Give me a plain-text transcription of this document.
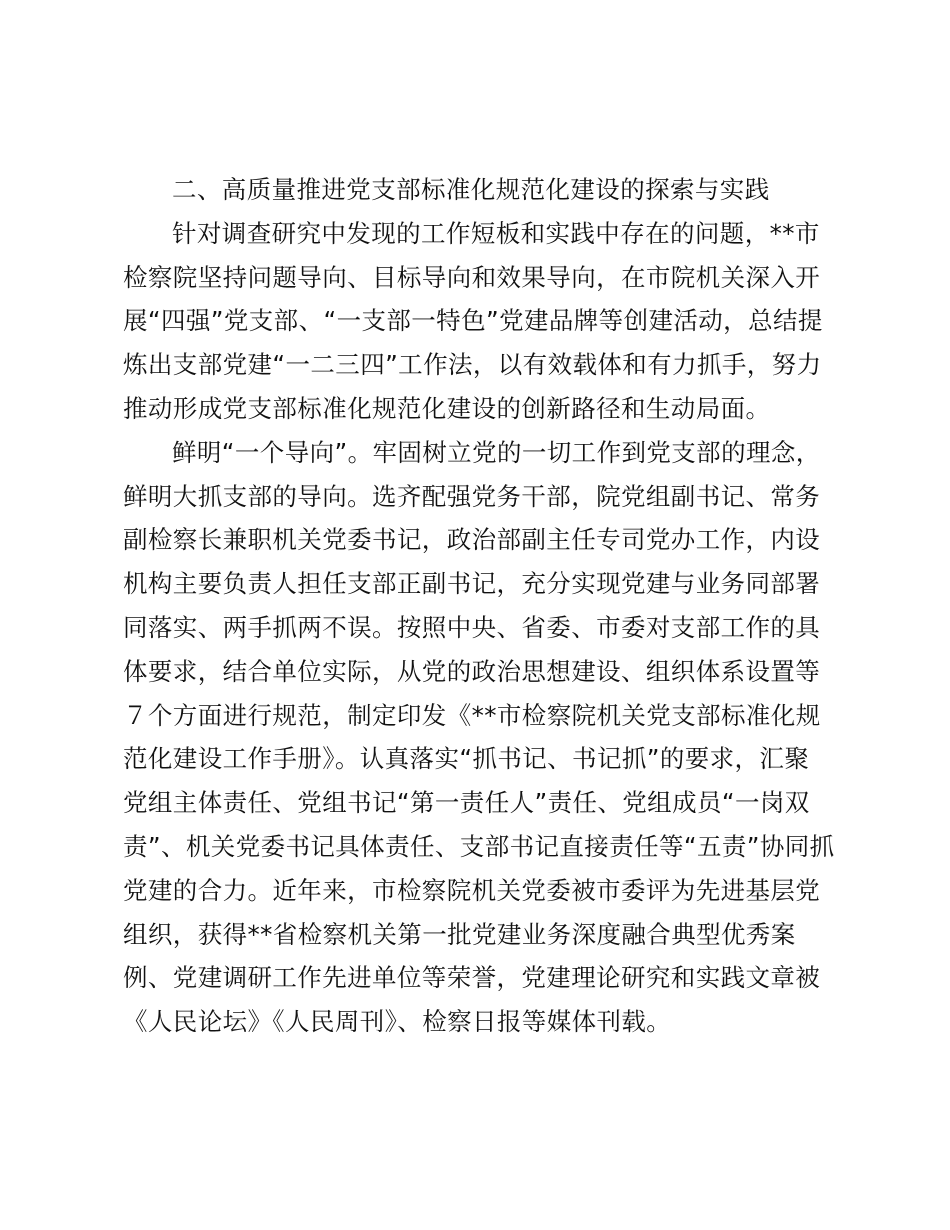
二、高质量推进党支部标准化规范化建设的探索与实践
针对调查研究中发现的工作短板和实践中存在的问题，**市
检察院坚持问题导向、目标导向和效果导向，在市院机关深入开
展“四强”党支部、“一支部一特色”党建品牌等创建活动，总结提
炼出支部党建“一二三四”工作法，以有效载体和有力抓手，努力
推动形成党支部标准化规范化建设的创新路径和生动局面。
鲜明“一个导向”。牢固树立党的一切工作到党支部的理念，
鲜明大抓支部的导向。选齐配强党务干部，院党组副书记、常务
副检察长兼职机关党委书记，政治部副主任专司党办工作，内设
机构主要负责人担任支部正副书记，充分实现党建与业务同部署
同落实、两手抓两不误。按照中央、省委、市委对支部工作的具
体要求，结合单位实际，从党的政治思想建设、组织体系设置等
７个方面进行规范，制定印发《**市检察院机关党支部标准化规
范化建设工作手册》。认真落实“抓书记、书记抓”的要求，汇聚
党组主体责任、党组书记“第一责任人”责任、党组成员“一岗双
责”、机关党委书记具体责任、支部书记直接责任等“五责”协同抓
党建的合力。近年来，市检察院机关党委被市委评为先进基层党
组织，获得**省检察机关第一批党建业务深度融合典型优秀案
例、党建调研工作先进单位等荣誉，党建理论研究和实践文章被
《人民论坛》《人民周刊》、检察日报等媒体刊载。
